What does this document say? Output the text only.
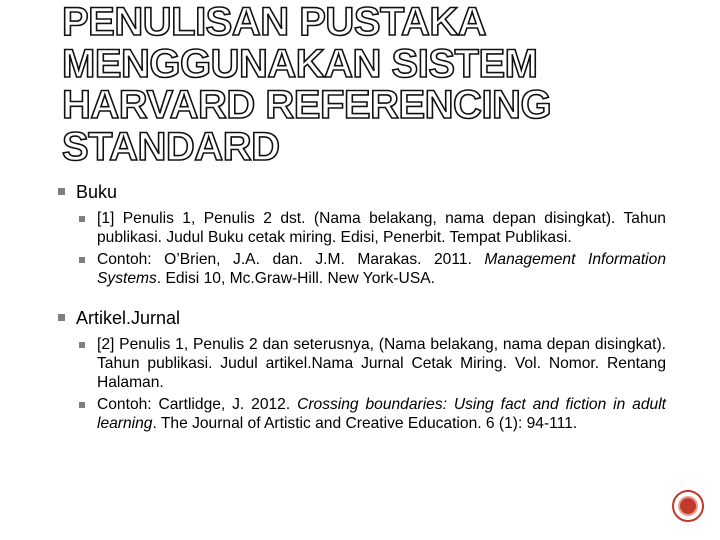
PENULISAN PUSTAKA
MENGGUNAKAN SISTEM
HARVARD REFERENCING
STANDARD
Buku
[1] Penulis 1, Penulis 2 dst. (Nama belakang, nama depan disingkat). Tahun publikasi. Judul Buku cetak miring. Edisi, Penerbit. Tempat Publikasi.
Contoh: O’Brien, J.A. dan. J.M. Marakas. 2011. Management Information Systems. Edisi 10, Mc.Graw-Hill. New York-USA.
Artikel.Jurnal
[2] Penulis 1, Penulis 2 dan seterusnya, (Nama belakang, nama depan disingkat). Tahun publikasi. Judul artikel.Nama Jurnal Cetak Miring. Vol. Nomor. Rentang Halaman.
Contoh: Cartlidge, J. 2012. Crossing boundaries: Using fact and fiction in adult learning. The Journal of Artistic and Creative Education. 6 (1): 94-111.
